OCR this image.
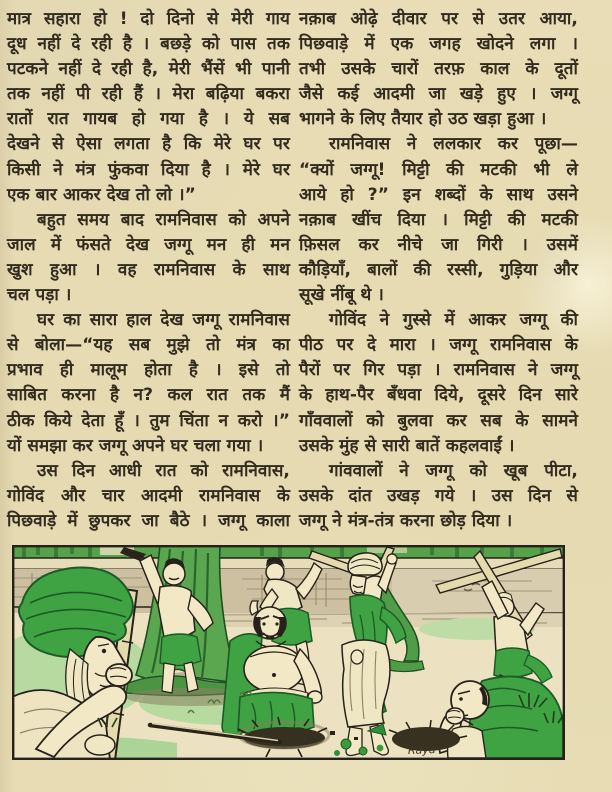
मात्र सहारा हो ! दो दिनो से मेरी गाय
दूध नहीं दे रही है । बछड़े को पास तक
पटकने नहीं दे रही है, मेरी भैंसें भी पानी
तक नहीं पी रही हैं । मेरा बढ़िया बकरा
रातों रात गायब हो गया है । ये सब
देखने से ऐसा लगता है कि मेरे घर पर
किसी ने मंत्र फुंकवा दिया है । मेरे घर
एक बार आकर देख तो लो ।”
बहुत समय बाद रामनिवास को अपने
जाल में फंसते देख जग्गू मन ही मन
खुश हुआ । वह रामनिवास के साथ
चल पड़ा ।
घर का सारा हाल देख जग्गू रामनिवास
से बोला—“यह सब मुझे तो मंत्र का
प्रभाव ही मालूम होता है । इसे तो
साबित करना है न? कल रात तक मैं
ठीक किये देता हूँ । तुम चिंता न करो ।”
यों समझा कर जग्गू अपने घर चला गया ।
उस दिन आधी रात को रामनिवास,
गोविंद और चार आदमी रामनिवास के
पिछवाड़े में छुपकर जा बैठे । जग्गू काला
नक़ाब ओढ़े दीवार पर से उतर आया,
पिछवाड़े में एक जगह खोदने लगा ।
तभी उसके चारों तरफ़ काल के दूतों
जैसे कई आदमी जा खड़े हुए । जग्गू
भागने के लिए तैयार हो उठ खड़ा हुआ ।
रामनिवास ने ललकार कर पूछा—
“क्यों जग्गू! मिट्टी की मटकी भी ले
आये हो ?” इन शब्दों के साथ उसने
नक़ाब खींच दिया । मिट्टी की मटकी
फ़िसल कर नीचे जा गिरी । उसमें
कौड़ियाँ, बालों की रस्सी, गुड़िया और
सूखे नींबू थे ।
गोविंद ने गुस्से में आकर जग्गू की
पीठ पर दे मारा । जग्गू रामनिवास के
पैरों पर गिर पड़ा । रामनिवास ने जग्गू
के हाथ-पैर बँधवा दिये, दूसरे दिन सारे
गाँववालों को बुलवा कर सब के सामने
उसके मुंह से सारी बातें कहलवाईं ।
गांववालों ने जग्गू को खूब पीटा,
उसके दांत उखड़ गये । उस दिन से
जग्गू ने मंत्र-तंत्र करना छोड़ दिया ।
Raya
